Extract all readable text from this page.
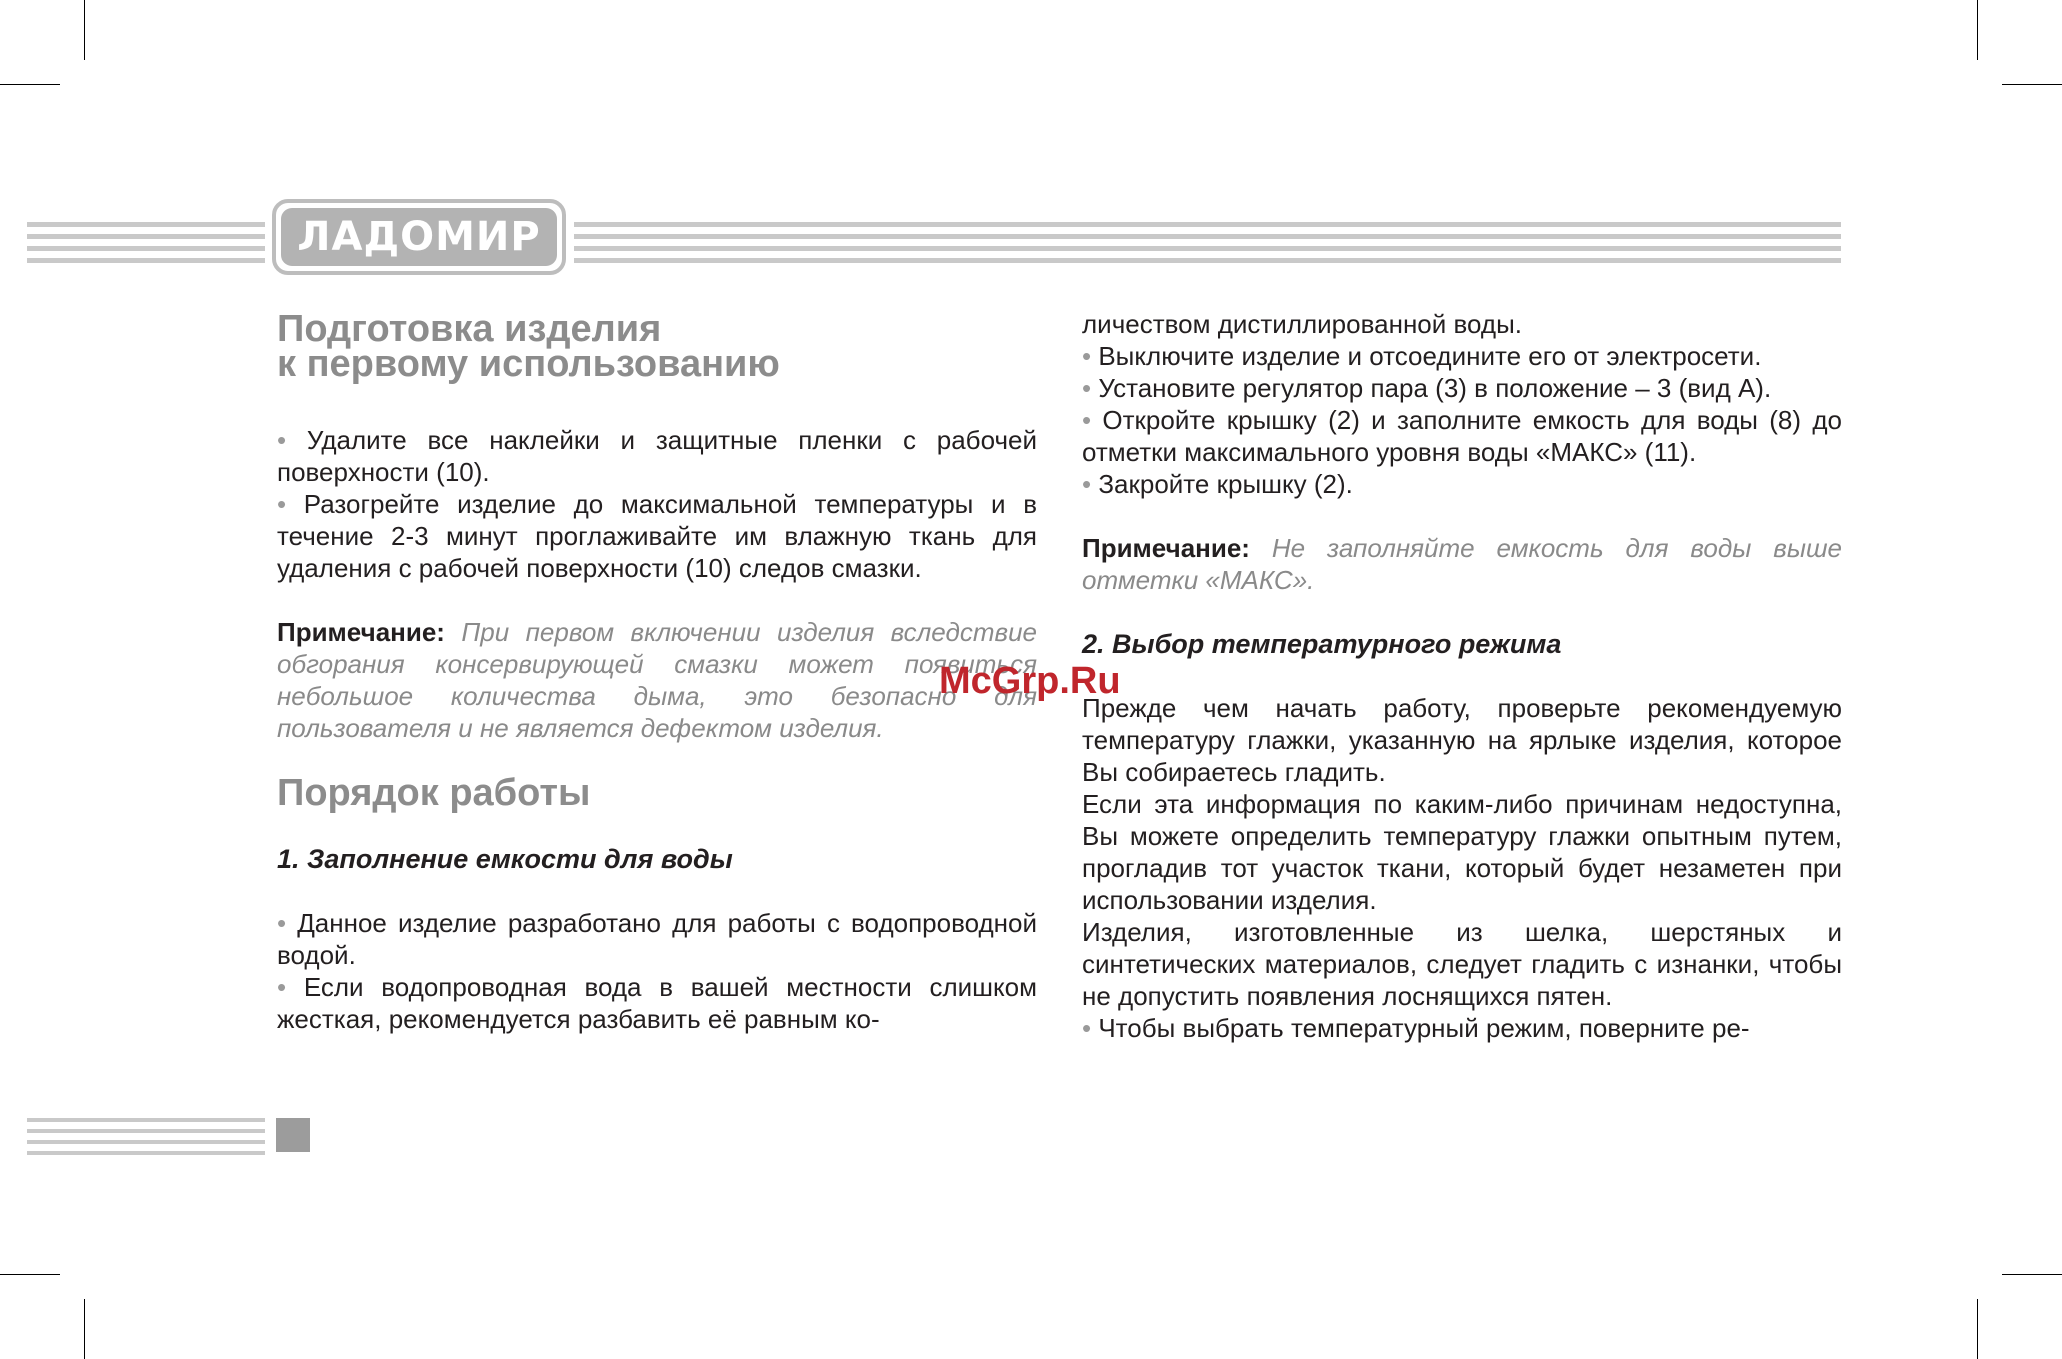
ЛАДОМИР
Подготовка изделия
к первому использованию

• Удалите все наклейки и защитные пленки с рабочей поверхности (10).

• Разогрейте изделие до максимальной температуры и в течение 2-3 минут проглаживайте им влажную ткань для удаления с рабочей поверхности (10) следов смазки.

Примечание: При первом включении изделия вследствие обгорания консервирующей смазки может появиться небольшое количества дыма, это безопасно для пользователя и не является дефектом изделия.

Порядок работы

1. Заполнение емкости для воды

• Данное изделие разработано для работы с водопроводной водой.

• Если водопроводная вода в вашей местности слишком жесткая, рекомендуется разбавить её равным ко-

личеством дистиллированной воды.

• Выключите изделие и отсоедините его от электросети.

• Установите регулятор пара (3) в положение – 3 (вид А).

• Откройте крышку (2) и заполните емкость для воды (8) до отметки максимального уровня воды «МАКС» (11).

• Закройте крышку (2).

Примечание: Не заполняйте емкость для воды выше отметки «МАКС».

2. Выбор температурного режима

Прежде чем начать работу, проверьте рекомендуемую температуру глажки, указанную на ярлыке изделия, которое Вы собираетесь гладить.

Если эта информация по каким-либо причинам недоступна, Вы можете определить температуру глажки опытным путем, прогладив тот участок ткани, который будет незаметен при использовании изделия.

Изделия, изготовленные из шелка, шерстяных и синтетических материалов, следует гладить с изнанки, чтобы не допустить появления лоснящихся пятен.

• Чтобы выбрать температурный режим, поверните ре-

McGrp.Ru
